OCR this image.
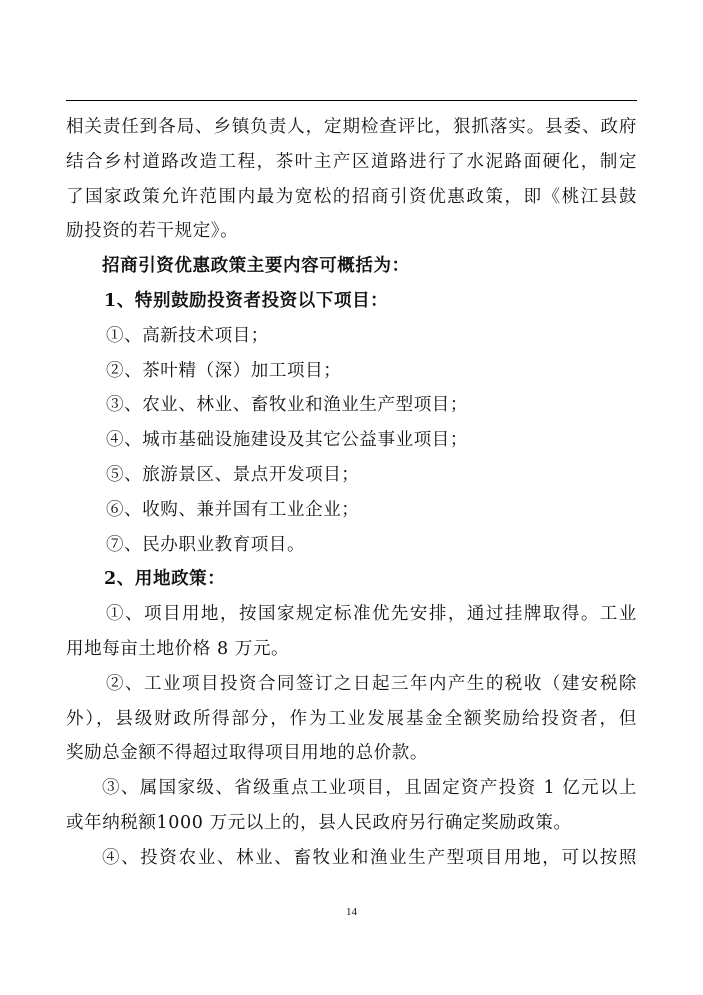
相关责任到各局、乡镇负责人，定期检查评比，狠抓落实。县委、政府
结合乡村道路改造工程，茶叶主产区道路进行了水泥路面硬化，制定
了国家政策允许范围内最为宽松的招商引资优惠政策，即《桃江县鼓
励投资的若干规定》。
招商引资优惠政策主要内容可概括为：
1、特别鼓励投资者投资以下项目：
①、高新技术项目；
②、茶叶精（深）加工项目；
③、农业、林业、畜牧业和渔业生产型项目；
④、城市基础设施建设及其它公益事业项目；
⑤、旅游景区、景点开发项目；
⑥、收购、兼并国有工业企业；
⑦、民办职业教育项目。
2、用地政策：
①、项目用地，按国家规定标准优先安排，通过挂牌取得。工业
用地每亩土地价格 8 万元。
②、工业项目投资合同签订之日起三年内产生的税收（建安税除
外），县级财政所得部分，作为工业发展基金全额奖励给投资者，但
奖励总金额不得超过取得项目用地的总价款。
③、属国家级、省级重点工业项目，且固定资产投资 1 亿元以上
或年纳税额1000 万元以上的，县人民政府另行确定奖励政策。
④、投资农业、林业、畜牧业和渔业生产型项目用地，可以按照
14
